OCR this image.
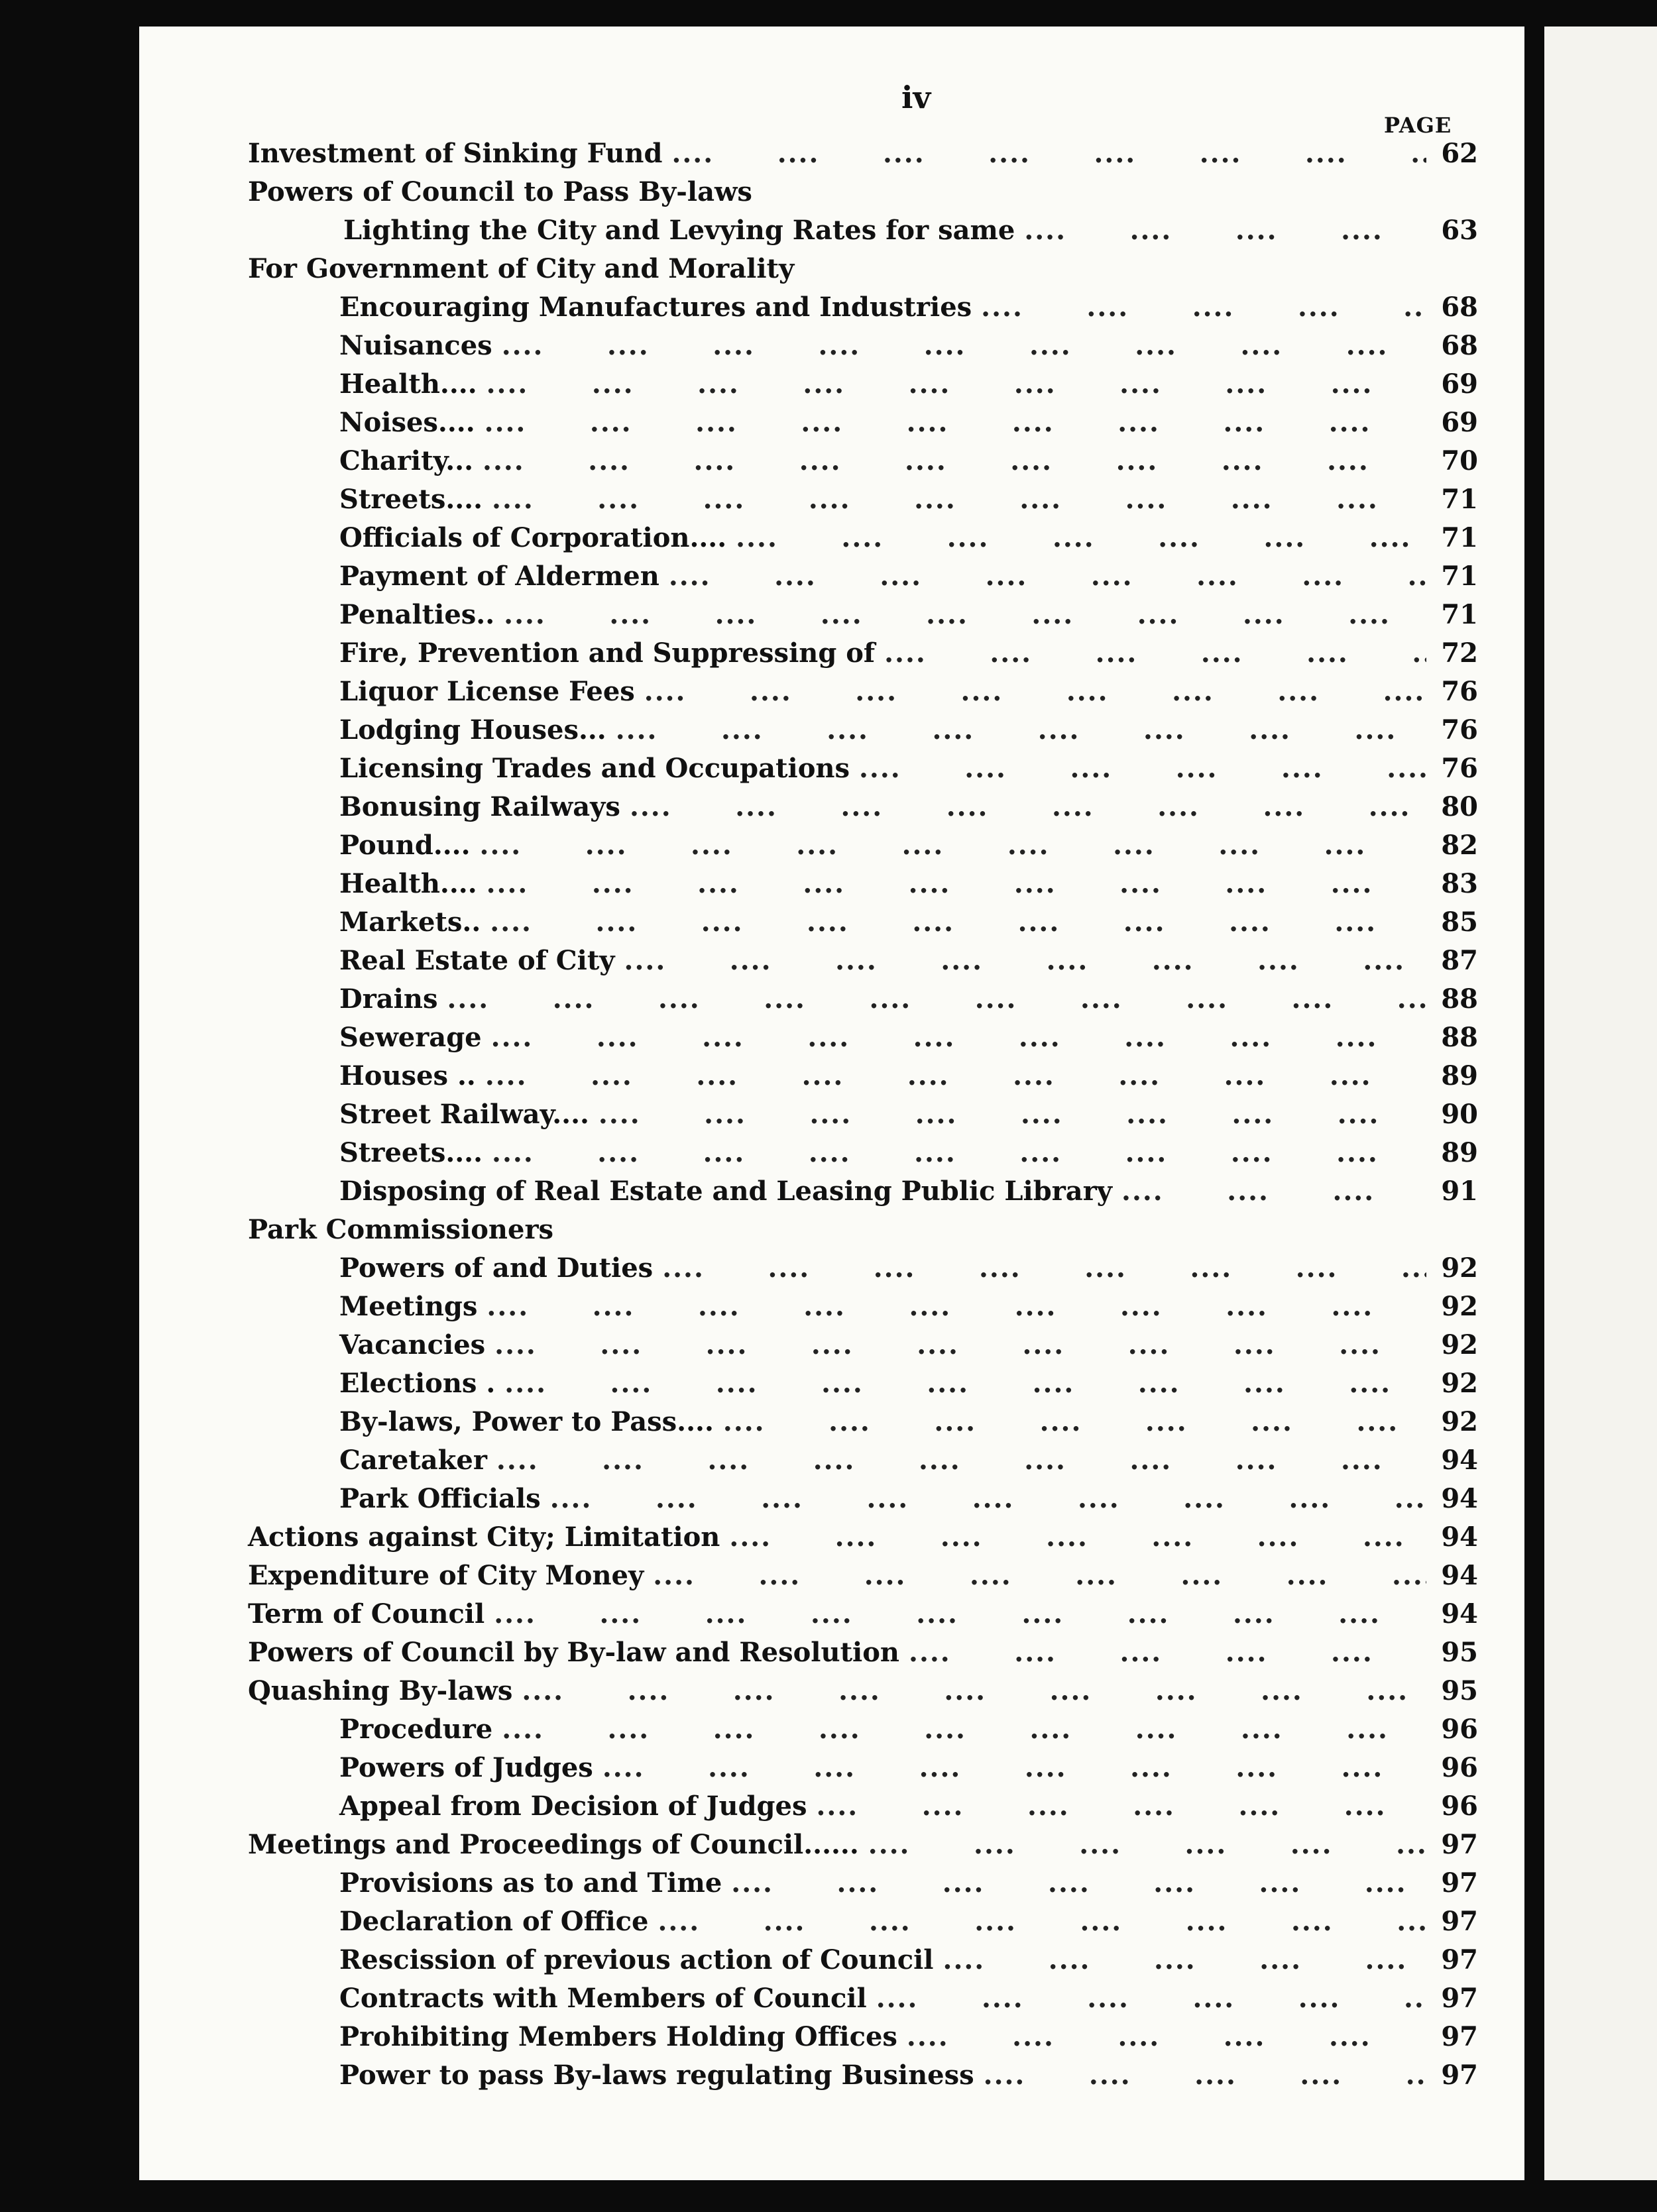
iv
PAGE
Investment of Sinking Fund ....	62
Powers of Council to Pass By-laws
Lighting the City and Levying Rates for same ....	63
For Government of City and Morality
Encouraging Manufactures and Industries ....	68
Nuisances ....	68
Health.... ....	69
Noises.... ....	69
Charity... ....	70
Streets.... ....	71
Officials of Corporation.... ....	71
Payment of Aldermen ....	71
Penalties.. ....	71
Fire, Prevention and Suppressing of ....	72
Liquor License Fees ....	76
Lodging Houses... ....	76
Licensing Trades and Occupations ....	76
Bonusing Railways ....	80
Pound.... ....	82
Health.... ....	83
Markets.. ....	85
Real Estate of City ....	87
Drains ....	88
Sewerage ....	88
Houses .. ....	89
Street Railway.... ....	90
Streets.... ....	89
Disposing of Real Estate and Leasing Public Library ....	91
Park Commissioners
Powers of and Duties ....	92
Meetings ....	92
Vacancies ....	92
Elections . ....	92
By-laws, Power to Pass.... ....	92
Caretaker ....	94
Park Officials ....	94
Actions against City; Limitation ....	94
Expenditure of City Money ....	94
Term of Council ....	94
Powers of Council by By-law and Resolution ....	95
Quashing By-laws ....	95
Procedure ....	96
Powers of Judges ....	96
Appeal from Decision of Judges ....	96
Meetings and Proceedings of Council...... ....	97
Provisions as to and Time ....	97
Declaration of Office ....	97
Rescission of previous action of Council ....	97
Contracts with Members of Council ....	97
Prohibiting Members Holding Offices ....	97
Power to pass By-laws regulating Business ....	97
